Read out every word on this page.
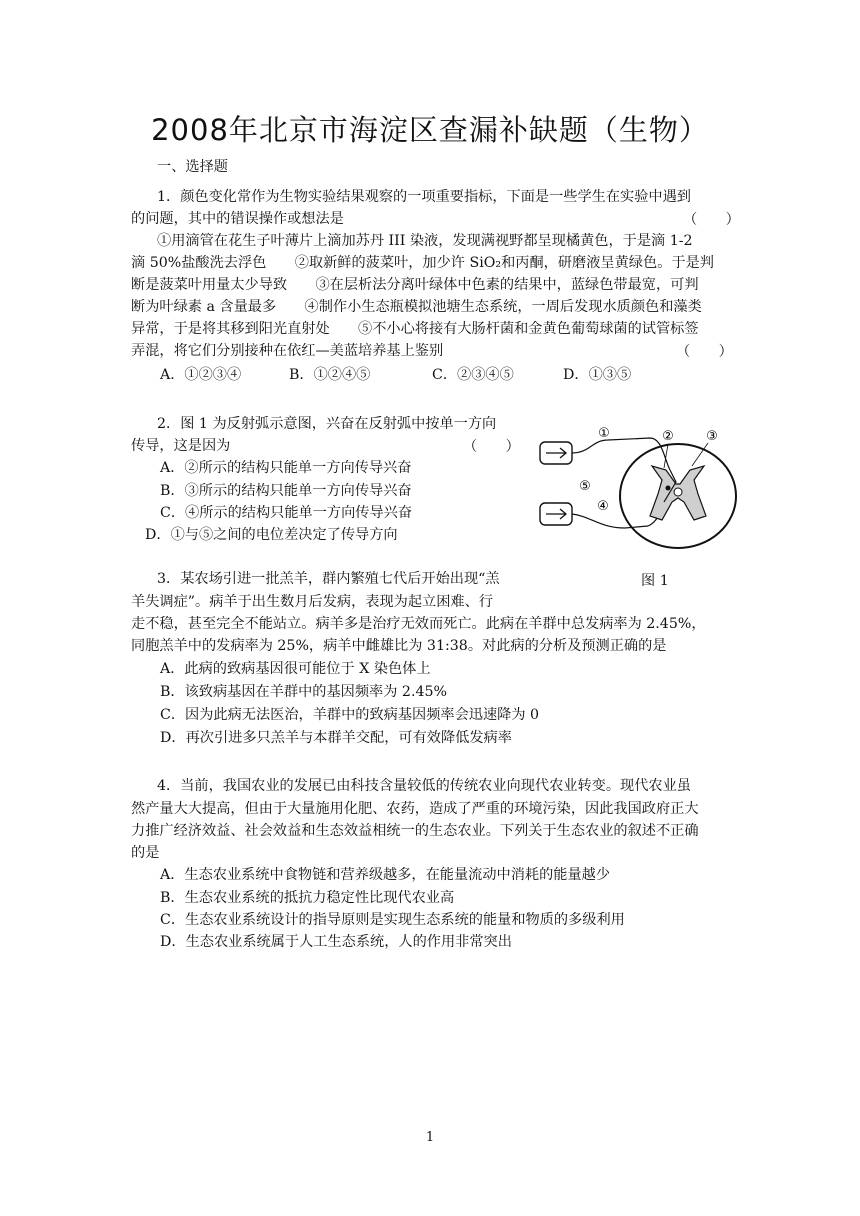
2008年北京市海淀区查漏补缺题（生物）
一、选择题
1．颜色变化常作为生物实验结果观察的一项重要指标，下面是一些学生在实验中遇到
的问题，其中的错误操作或想法是	（　　）
①用滴管在花生子叶薄片上滴加苏丹 III 染液，发现满视野都呈现橘黄色，于是滴 1-2
滴 50%盐酸洗去浮色　　②取新鲜的菠菜叶，加少许 SiO₂和丙酮，研磨液呈黄绿色。于是判
断是菠菜叶用量太少导致　　③在层析法分离叶绿体中色素的结果中，蓝绿色带最宽，可判
断为叶绿素 a 含量最多　　④制作小生态瓶模拟池塘生态系统，一周后发现水质颜色和藻类
异常，于是将其移到阳光直射处　　⑤不小心将接有大肠杆菌和金黄色葡萄球菌的试管标签
弄混，将它们分别接种在依红—美蓝培养基上鉴别	（　　）
A．①②③④	B．①②④⑤	C．②③④⑤	D．①③⑤
2．图 1 为反射弧示意图，兴奋在反射弧中按单一方向
传导，这是因为	（　　）
A．②所示的结构只能单一方向传导兴奋
B．③所示的结构只能单一方向传导兴奋
C．④所示的结构只能单一方向传导兴奋
D．①与⑤之间的电位差决定了传导方向
①	② ③
⑤
④
图 1
3．某农场引进一批羔羊，群内繁殖七代后开始出现“羔
羊失调症”。病羊于出生数月后发病，表现为起立困难、行
走不稳，甚至完全不能站立。病羊多是治疗无效而死亡。此病在羊群中总发病率为 2.45%，
同胞羔羊中的发病率为 25%，病羊中雌雄比为 31:38。对此病的分析及预测正确的是
A．此病的致病基因很可能位于 X 染色体上
B．该致病基因在羊群中的基因频率为 2.45%
C．因为此病无法医治，羊群中的致病基因频率会迅速降为 0
D．再次引进多只羔羊与本群羊交配，可有效降低发病率
4．当前，我国农业的发展已由科技含量较低的传统农业向现代农业转变。现代农业虽
然产量大大提高，但由于大量施用化肥、农药，造成了严重的环境污染，因此我国政府正大
力推广经济效益、社会效益和生态效益相统一的生态农业。下列关于生态农业的叙述不正确
的是
A．生态农业系统中食物链和营养级越多，在能量流动中消耗的能量越少
B．生态农业系统的抵抗力稳定性比现代农业高
C．生态农业系统设计的指导原则是实现生态系统的能量和物质的多级利用
D．生态农业系统属于人工生态系统，人的作用非常突出
1
